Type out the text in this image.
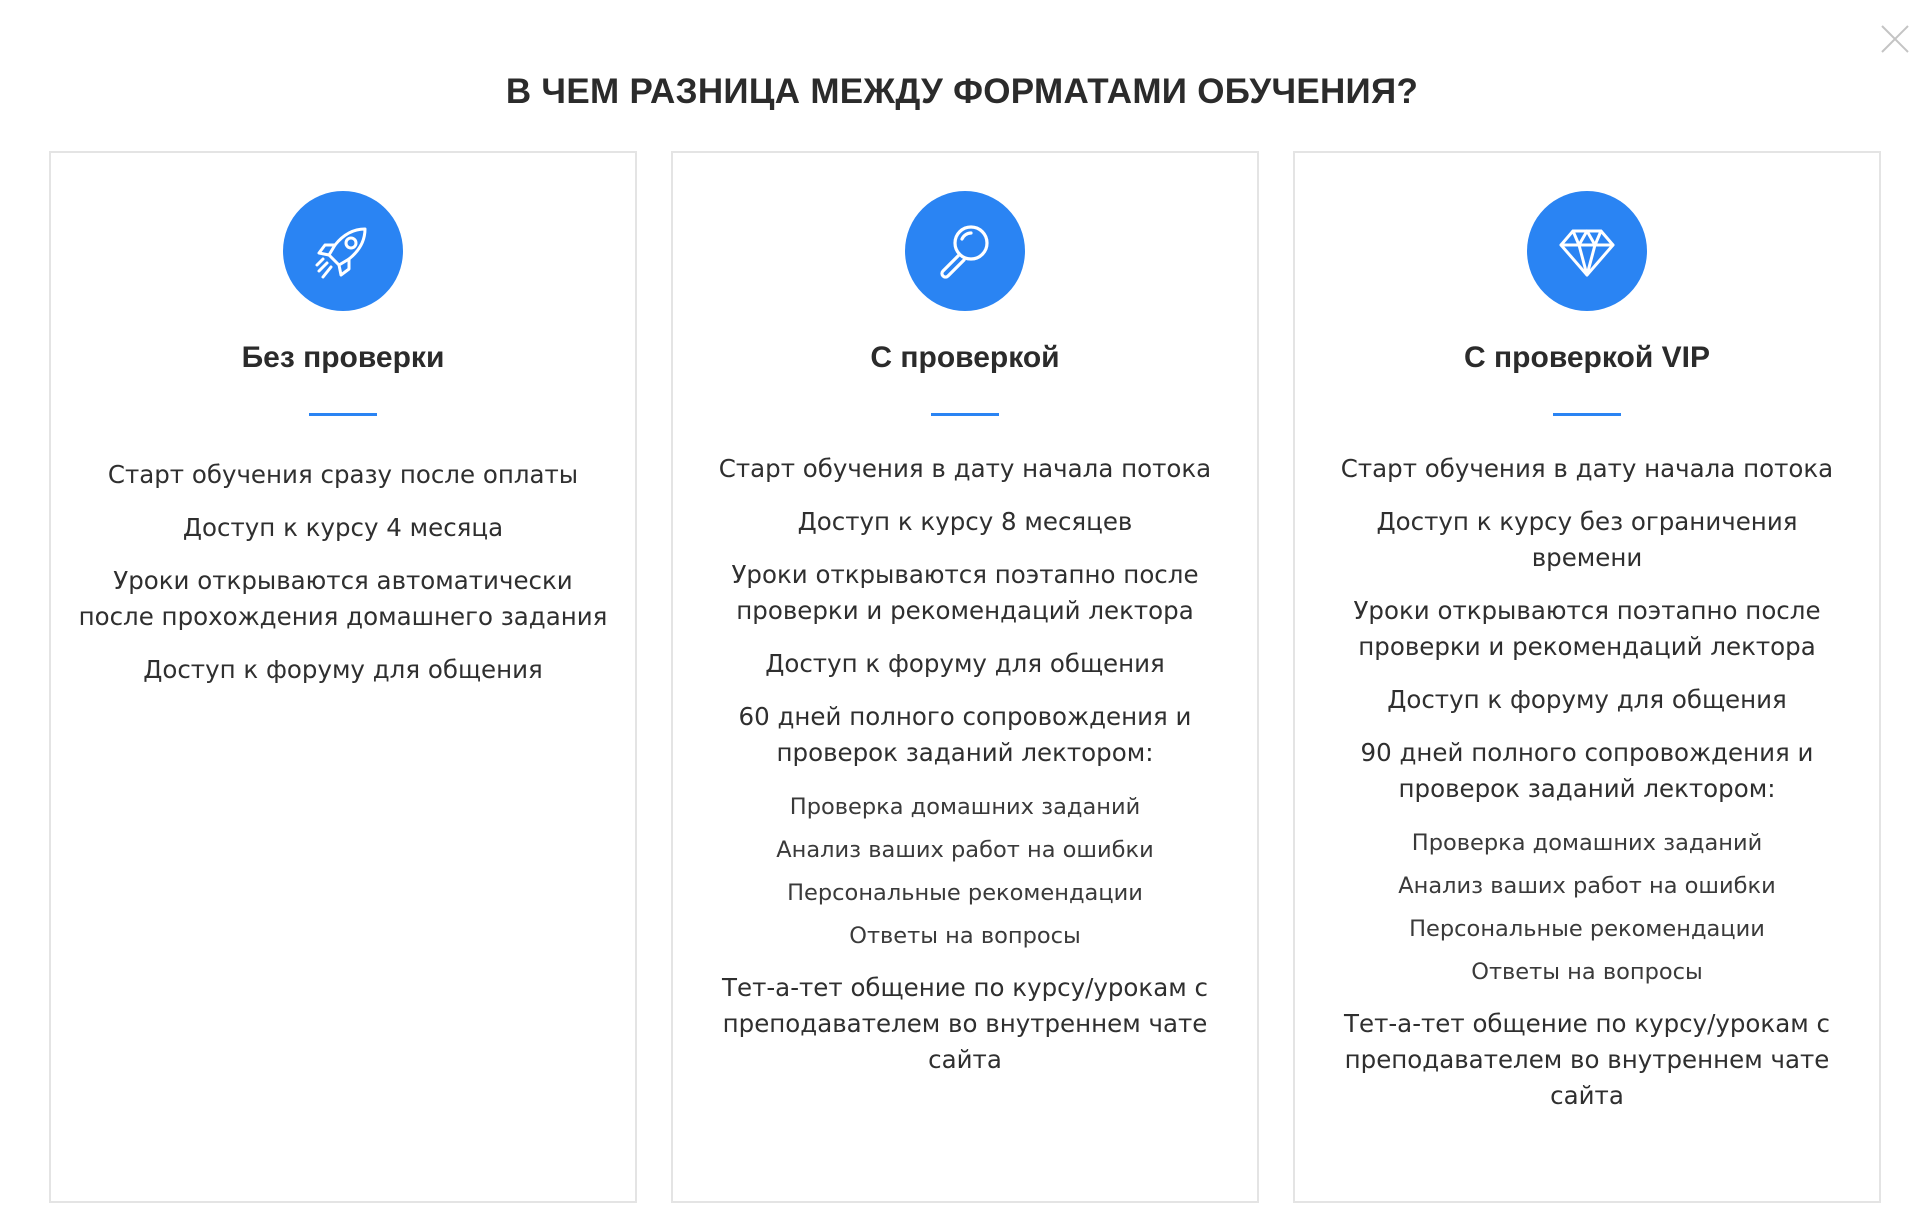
В ЧЕМ РАЗНИЦА МЕЖДУ ФОРМАТАМИ ОБУЧЕНИЯ?
Без проверки

Старт обучения сразу после оплаты

Доступ к курсу 4 месяца

Уроки открываются автоматически после прохождения домашнего задания

Доступ к форуму для общения

С проверкой

Старт обучения в дату начала потока

Доступ к курсу 8 месяцев

Уроки открываются поэтапно после проверки и рекомендаций лектора

Доступ к форуму для общения

60 дней полного сопровождения и проверок заданий лектором:

Проверка домашних заданий
Анализ ваших работ на ошибки
Персональные рекомендации
Ответы на вопросы

Тет-а-тет общение по курсу/урокам с преподавателем во внутреннем чате сайта

С проверкой VIP

Старт обучения в дату начала потока

Доступ к курсу без ограничения времени

Уроки открываются поэтапно после проверки и рекомендаций лектора

Доступ к форуму для общения

90 дней полного сопровождения и проверок заданий лектором:

Проверка домашних заданий
Анализ ваших работ на ошибки
Персональные рекомендации
Ответы на вопросы

Тет-а-тет общение по курсу/урокам с преподавателем во внутреннем чате сайта
